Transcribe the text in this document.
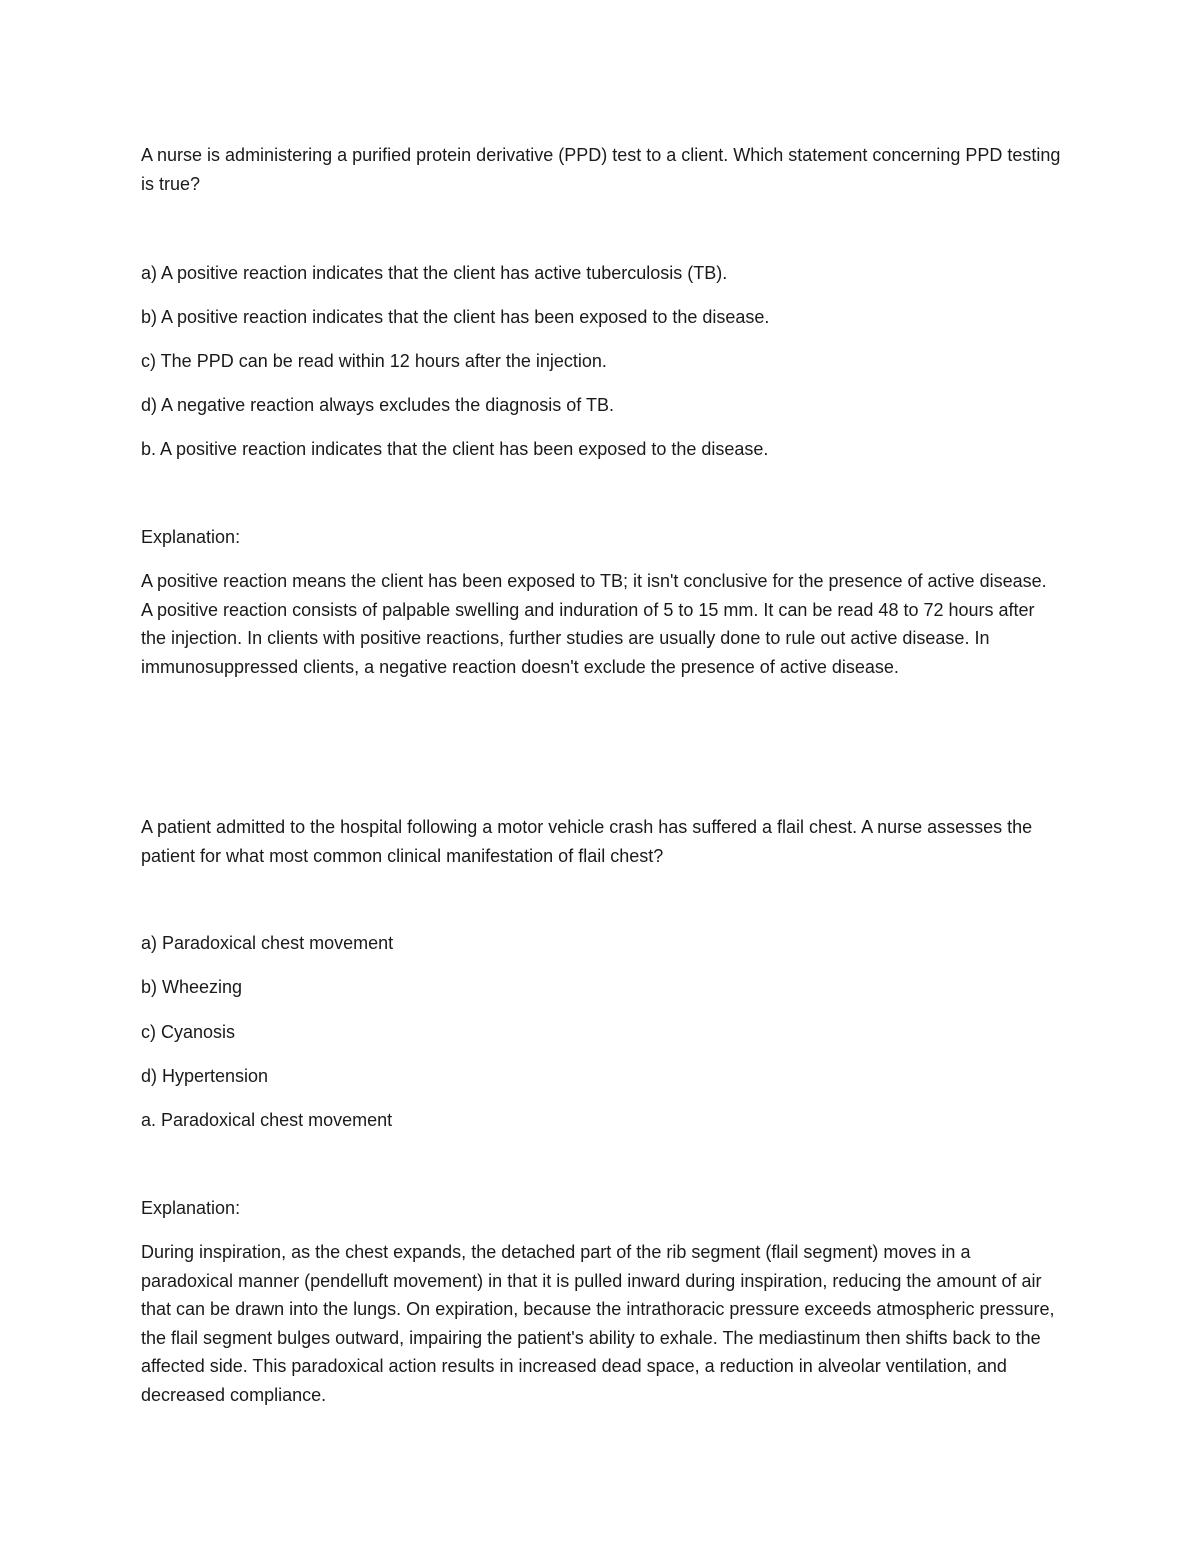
A nurse is administering a purified protein derivative (PPD) test to a client. Which statement concerning PPD testing is true?

a) A positive reaction indicates that the client has active tuberculosis (TB).

b) A positive reaction indicates that the client has been exposed to the disease.

c) The PPD can be read within 12 hours after the injection.

d) A negative reaction always excludes the diagnosis of TB.

b. A positive reaction indicates that the client has been exposed to the disease.

Explanation:

A positive reaction means the client has been exposed to TB; it isn't conclusive for the presence of active disease. A positive reaction consists of palpable swelling and induration of 5 to 15 mm. It can be read 48 to 72 hours after the injection. In clients with positive reactions, further studies are usually done to rule out active disease. In immunosuppressed clients, a negative reaction doesn't exclude the presence of active disease.

A patient admitted to the hospital following a motor vehicle crash has suffered a flail chest. A nurse assesses the patient for what most common clinical manifestation of flail chest?

a) Paradoxical chest movement

b) Wheezing

c) Cyanosis

d) Hypertension

a. Paradoxical chest movement

Explanation:

During inspiration, as the chest expands, the detached part of the rib segment (flail segment) moves in a paradoxical manner (pendelluft movement) in that it is pulled inward during inspiration, reducing the amount of air that can be drawn into the lungs. On expiration, because the intrathoracic pressure exceeds atmospheric pressure, the flail segment bulges outward, impairing the patient's ability to exhale. The mediastinum then shifts back to the affected side. This paradoxical action results in increased dead space, a reduction in alveolar ventilation, and decreased compliance.
